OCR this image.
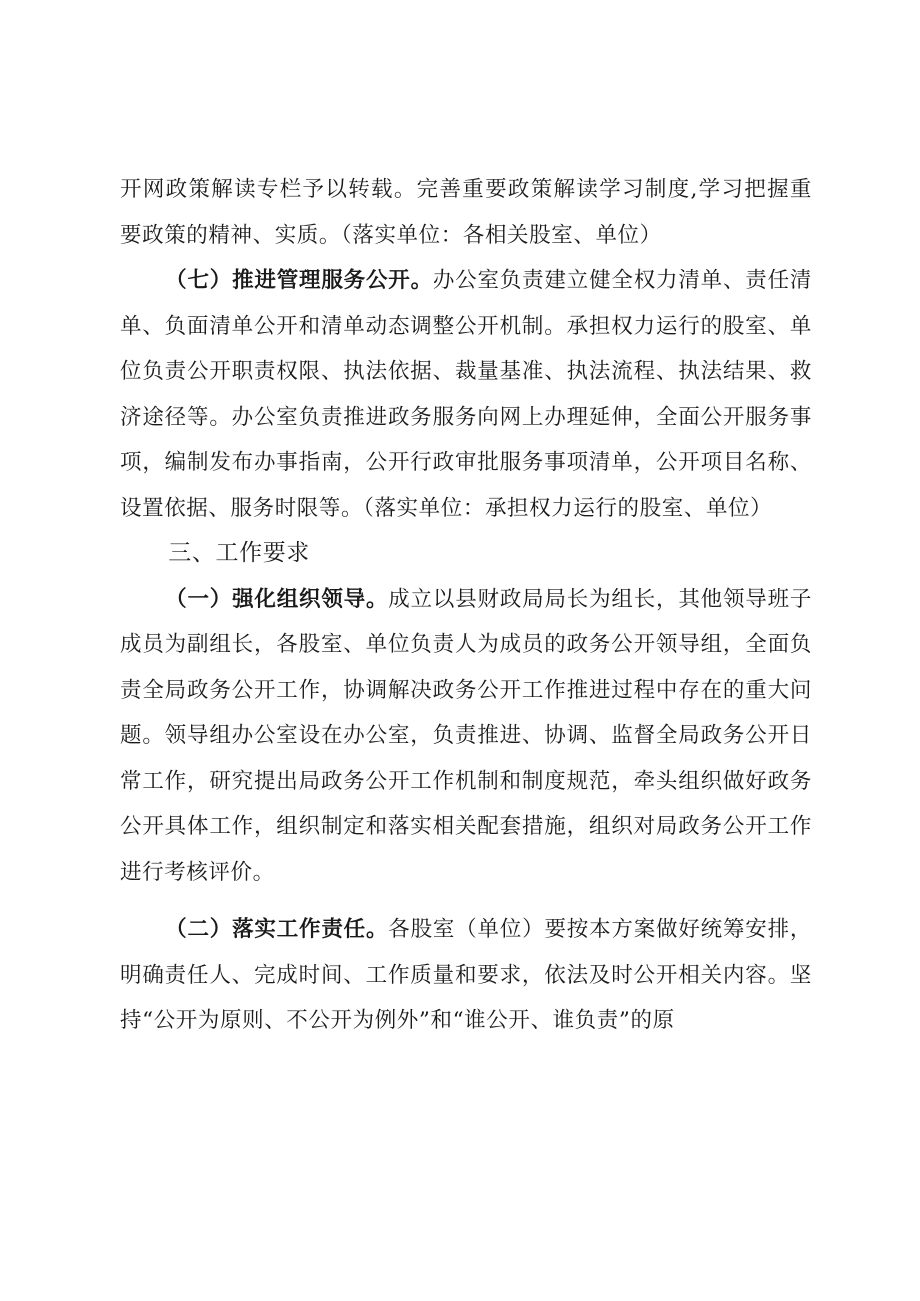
开网政策解读专栏予以转载。完善重要政策解读学习制度,学习把握重要政策的精神、实质。（落实单位：各相关股室、单位）

（七）推进管理服务公开。办公室负责建立健全权力清单、责任清单、负面清单公开和清单动态调整公开机制。承担权力运行的股室、单位负责公开职责权限、执法依据、裁量基准、执法流程、执法结果、救济途径等。办公室负责推进政务服务向网上办理延伸，全面公开服务事项，编制发布办事指南，公开行政审批服务事项清单，公开项目名称、设置依据、服务时限等。（落实单位：承担权力运行的股室、单位）

三、工作要求

（一）强化组织领导。成立以县财政局局长为组长，其他领导班子成员为副组长，各股室、单位负责人为成员的政务公开领导组，全面负责全局政务公开工作，协调解决政务公开工作推进过程中存在的重大问题。领导组办公室设在办公室，负责推进、协调、监督全局政务公开日常工作，研究提出局政务公开工作机制和制度规范，牵头组织做好政务公开具体工作，组织制定和落实相关配套措施，组织对局政务公开工作进行考核评价。

（二）落实工作责任。各股室（单位）要按本方案做好统筹安排，明确责任人、完成时间、工作质量和要求，依法及时公开相关内容。坚持“公开为原则、不公开为例外”和“谁公开、谁负责”的原
